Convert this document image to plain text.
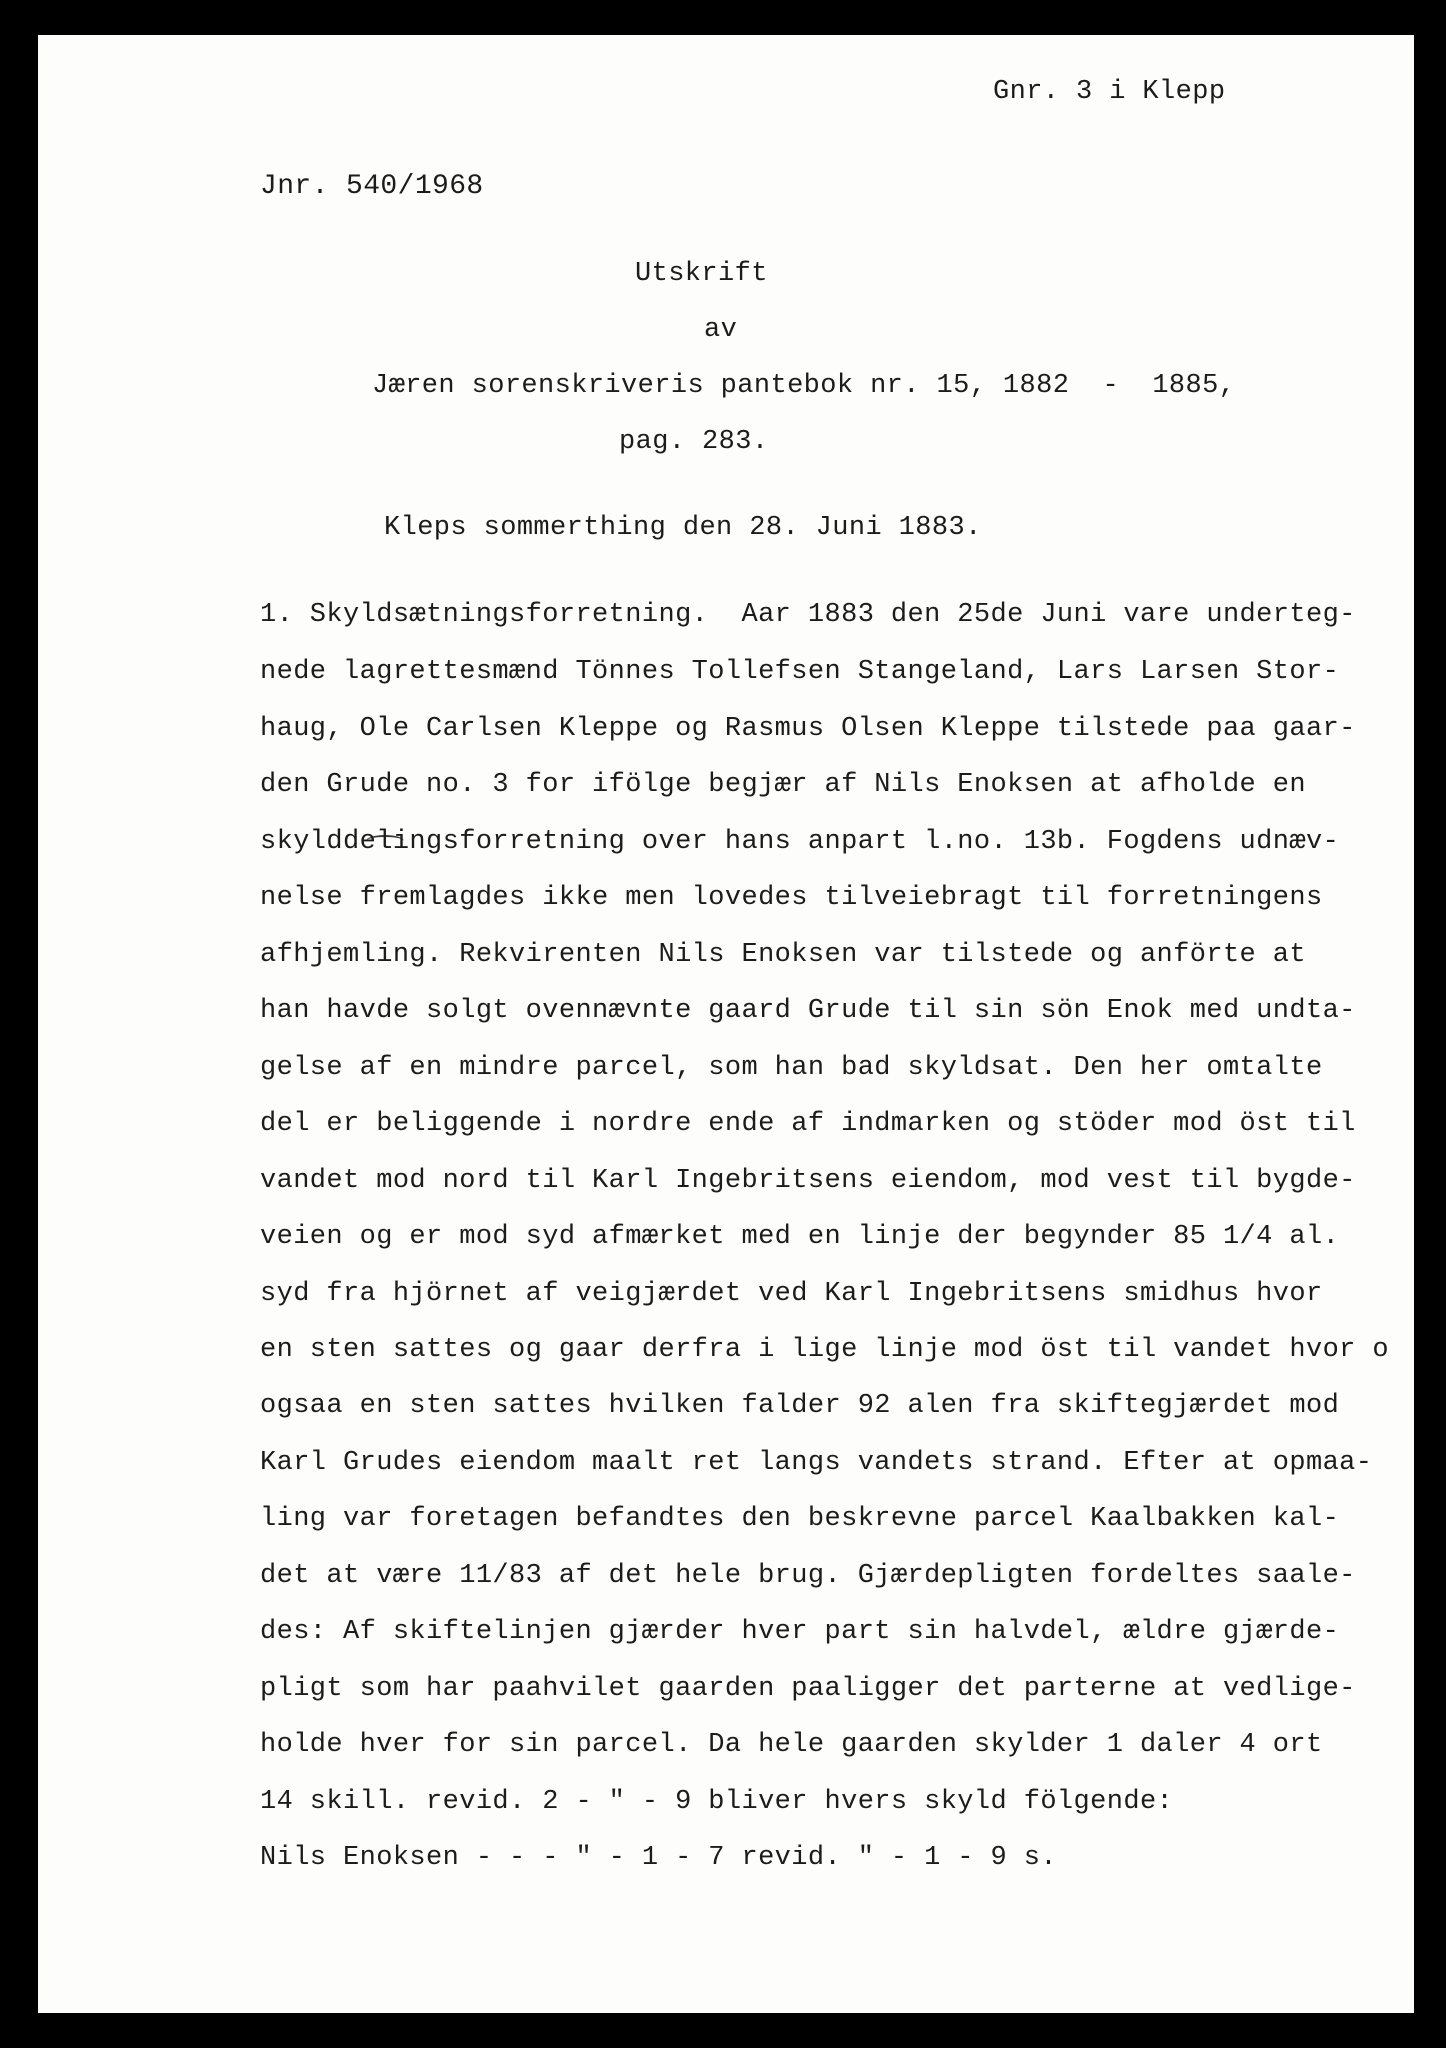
Gnr. 3 i Klepp
Jnr. 540/1968
Utskrift
av
Jæren sorenskriveris pantebok nr. 15, 1882  -  1885,
pag. 283.
Kleps sommerthing den 28. Juni 1883.
1. Skyldsætningsforretning.  Aar 1883 den 25de Juni vare underteg-
nede lagrettesmænd Tönnes Tollefsen Stangeland, Lars Larsen Stor-
haug, Ole Carlsen Kleppe og Rasmus Olsen Kleppe tilstede paa gaar-
den Grude no. 3 for ifölge begjær af Nils Enoksen at afholde en
skylddelingsforretning over hans anpart l.no. 13b. Fogdens udnæv-
nelse fremlagdes ikke men lovedes tilveiebragt til forretningens
afhjemling. Rekvirenten Nils Enoksen var tilstede og anförte at
han havde solgt ovennævnte gaard Grude til sin sön Enok med undta-
gelse af en mindre parcel, som han bad skyldsat. Den her omtalte
del er beliggende i nordre ende af indmarken og stöder mod öst til
vandet mod nord til Karl Ingebritsens eiendom, mod vest til bygde-
veien og er mod syd afmærket med en linje der begynder 85 1/4 al.
syd fra hjörnet af veigjærdet ved Karl Ingebritsens smidhus hvor
en sten sattes og gaar derfra i lige linje mod öst til vandet hvor o
ogsaa en sten sattes hvilken falder 92 alen fra skiftegjærdet mod
Karl Grudes eiendom maalt ret langs vandets strand. Efter at opmaa-
ling var foretagen befandtes den beskrevne parcel Kaalbakken kal-
det at være 11/83 af det hele brug. Gjærdepligten fordeltes saale-
des: Af skiftelinjen gjærder hver part sin halvdel, ældre gjærde-
pligt som har paahvilet gaarden paaligger det parterne at vedlige-
holde hver for sin parcel. Da hele gaarden skylder 1 daler 4 ort
14 skill. revid. 2 - " - 9 bliver hvers skyld fölgende:
Nils Enoksen - - - " - 1 - 7 revid. " - 1 - 9 s.
